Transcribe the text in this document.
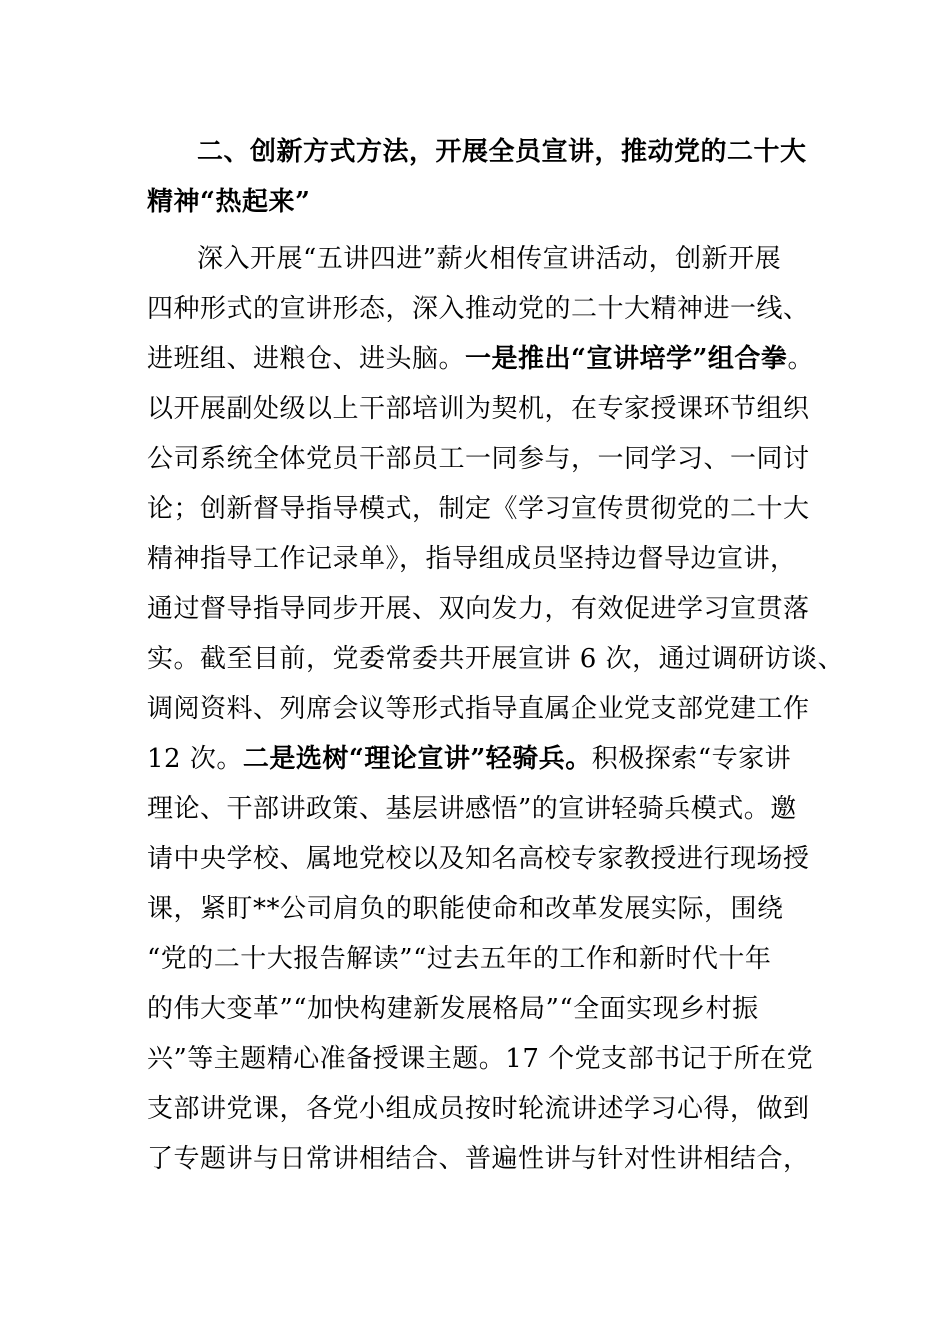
二、创新方式方法，开展全员宣讲，推动党的二十大
精神“热起来”
深入开展“五讲四进”薪火相传宣讲活动，创新开展
四种形式的宣讲形态，深入推动党的二十大精神进一线、
进班组、进粮仓、进头脑。一是推出“宣讲培学”组合拳。
以开展副处级以上干部培训为契机，在专家授课环节组织
公司系统全体党员干部员工一同参与，一同学习、一同讨
论；创新督导指导模式，制定《学习宣传贯彻党的二十大
精神指导工作记录单》，指导组成员坚持边督导边宣讲，
通过督导指导同步开展、双向发力，有效促进学习宣贯落
实。截至目前，党委常委共开展宣讲 6 次，通过调研访谈、
调阅资料、列席会议等形式指导直属企业党支部党建工作
12 次。二是选树“理论宣讲”轻骑兵。积极探索“专家讲
理论、干部讲政策、基层讲感悟”的宣讲轻骑兵模式。邀
请中央学校、属地党校以及知名高校专家教授进行现场授
课，紧盯**公司肩负的职能使命和改革发展实际，围绕
“党的二十大报告解读”“过去五年的工作和新时代十年
的伟大变革”“加快构建新发展格局”“全面实现乡村振
兴”等主题精心准备授课主题。17 个党支部书记于所在党
支部讲党课，各党小组成员按时轮流讲述学习心得，做到
了专题讲与日常讲相结合、普遍性讲与针对性讲相结合，
